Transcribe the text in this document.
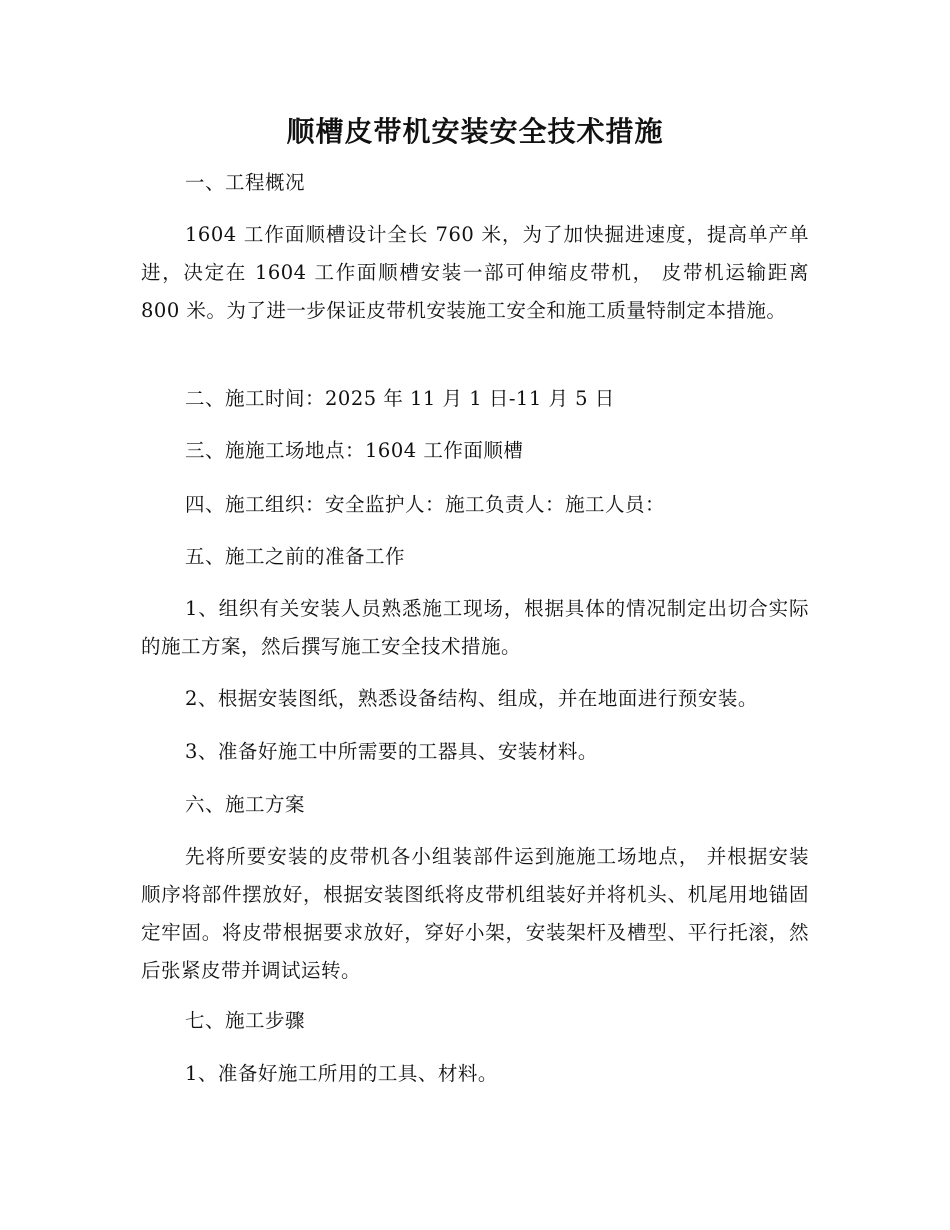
顺槽皮带机安装安全技术措施

一、工程概况

1604 工作面顺槽设计全长 760 米，为了加快掘进速度，提高单产单进，决定在 1604 工作面顺槽安装一部可伸缩皮带机， 皮带机运输距离 800 米。为了进一步保证皮带机安装施工安全和施工质量特制定本措施。

二、施工时间：2025 年 11 月 1 日-11 月 5 日

三、施施工场地点：1604 工作面顺槽

四、施工组织：安全监护人：施工负责人：施工人员：

五、施工之前的准备工作

1、组织有关安装人员熟悉施工现场，根据具体的情况制定出切合实际的施工方案，然后撰写施工安全技术措施。

2、根据安装图纸，熟悉设备结构、组成，并在地面进行预安装。

3、准备好施工中所需要的工器具、安装材料。

六、施工方案

先将所要安装的皮带机各小组装部件运到施施工场地点， 并根据安装顺序将部件摆放好，根据安装图纸将皮带机组装好并将机头、机尾用地锚固定牢固。将皮带根据要求放好，穿好小架，安装架杆及槽型、平行托滚，然后张紧皮带并调试运转。

七、施工步骤

1、准备好施工所用的工具、材料。
